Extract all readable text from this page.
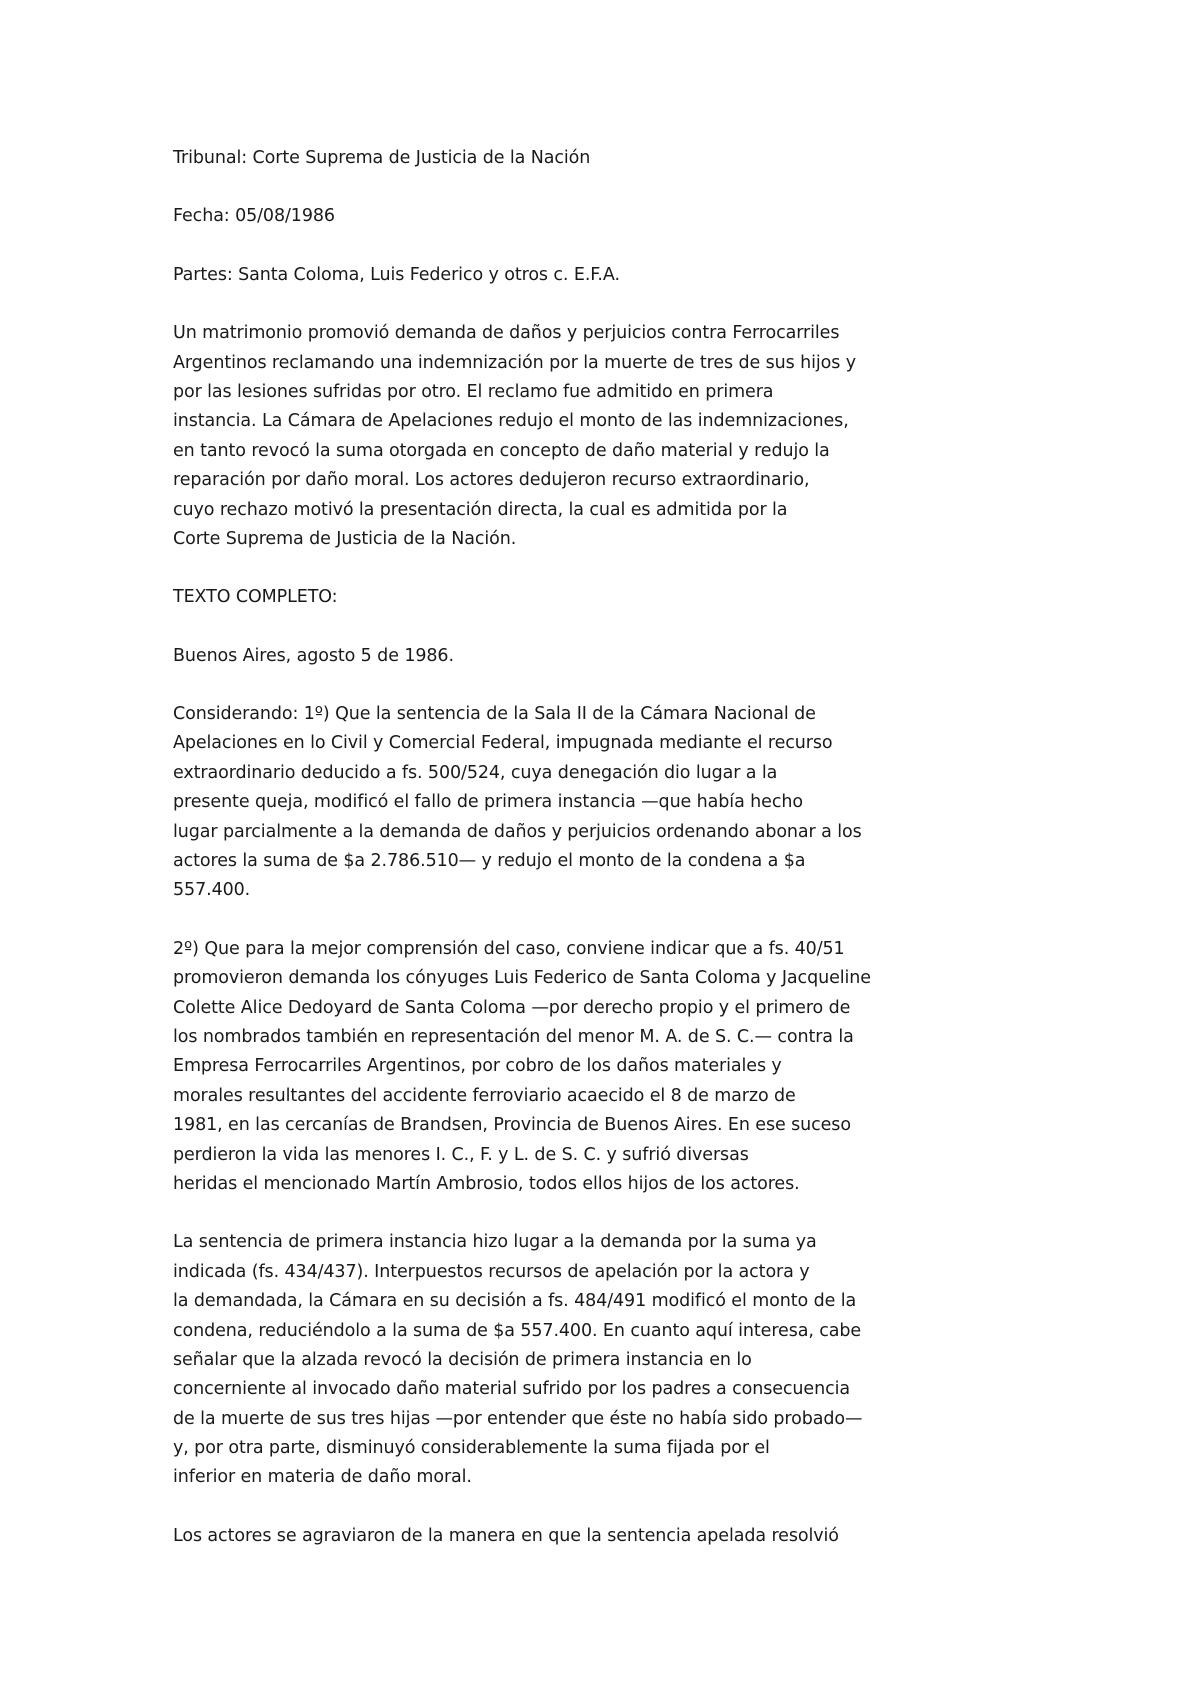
Tribunal: Corte Suprema de Justicia de la Nación
Fecha: 05/08/1986
Partes: Santa Coloma, Luis Federico y otros c. E.F.A.
Un matrimonio promovió demanda de daños y perjuicios contra Ferrocarriles
Argentinos reclamando una indemnización por la muerte de tres de sus hijos y
por las lesiones sufridas por otro. El reclamo fue admitido en primera
instancia. La Cámara de Apelaciones redujo el monto de las indemnizaciones,
en tanto revocó la suma otorgada en concepto de daño material y redujo la
reparación por daño moral. Los actores dedujeron recurso extraordinario,
cuyo rechazo motivó la presentación directa, la cual es admitida por la
Corte Suprema de Justicia de la Nación.
TEXTO COMPLETO:
Buenos Aires, agosto 5 de 1986.
Considerando: 1º) Que la sentencia de la Sala II de la Cámara Nacional de
Apelaciones en lo Civil y Comercial Federal, impugnada mediante el recurso
extraordinario deducido a fs. 500/524, cuya denegación dio lugar a la
presente queja, modificó el fallo de primera instancia —que había hecho
lugar parcialmente a la demanda de daños y perjuicios ordenando abonar a los
actores la suma de $a 2.786.510— y redujo el monto de la condena a $a
557.400.
2º) Que para la mejor comprensión del caso, conviene indicar que a fs. 40/51
promovieron demanda los cónyuges Luis Federico de Santa Coloma y Jacqueline
Colette Alice Dedoyard de Santa Coloma —por derecho propio y el primero de
los nombrados también en representación del menor M. A. de S. C.— contra la
Empresa Ferrocarriles Argentinos, por cobro de los daños materiales y
morales resultantes del accidente ferroviario acaecido el 8 de marzo de
1981, en las cercanías de Brandsen, Provincia de Buenos Aires. En ese suceso
perdieron la vida las menores I. C., F. y L. de S. C. y sufrió diversas
heridas el mencionado Martín Ambrosio, todos ellos hijos de los actores.
La sentencia de primera instancia hizo lugar a la demanda por la suma ya
indicada (fs. 434/437). Interpuestos recursos de apelación por la actora y
la demandada, la Cámara en su decisión a fs. 484/491 modificó el monto de la
condena, reduciéndolo a la suma de $a 557.400. En cuanto aquí interesa, cabe
señalar que la alzada revocó la decisión de primera instancia en lo
concerniente al invocado daño material sufrido por los padres a consecuencia
de la muerte de sus tres hijas —por entender que éste no había sido probado—
y, por otra parte, disminuyó considerablemente la suma fijada por el
inferior en materia de daño moral.
Los actores se agraviaron de la manera en que la sentencia apelada resolvió
